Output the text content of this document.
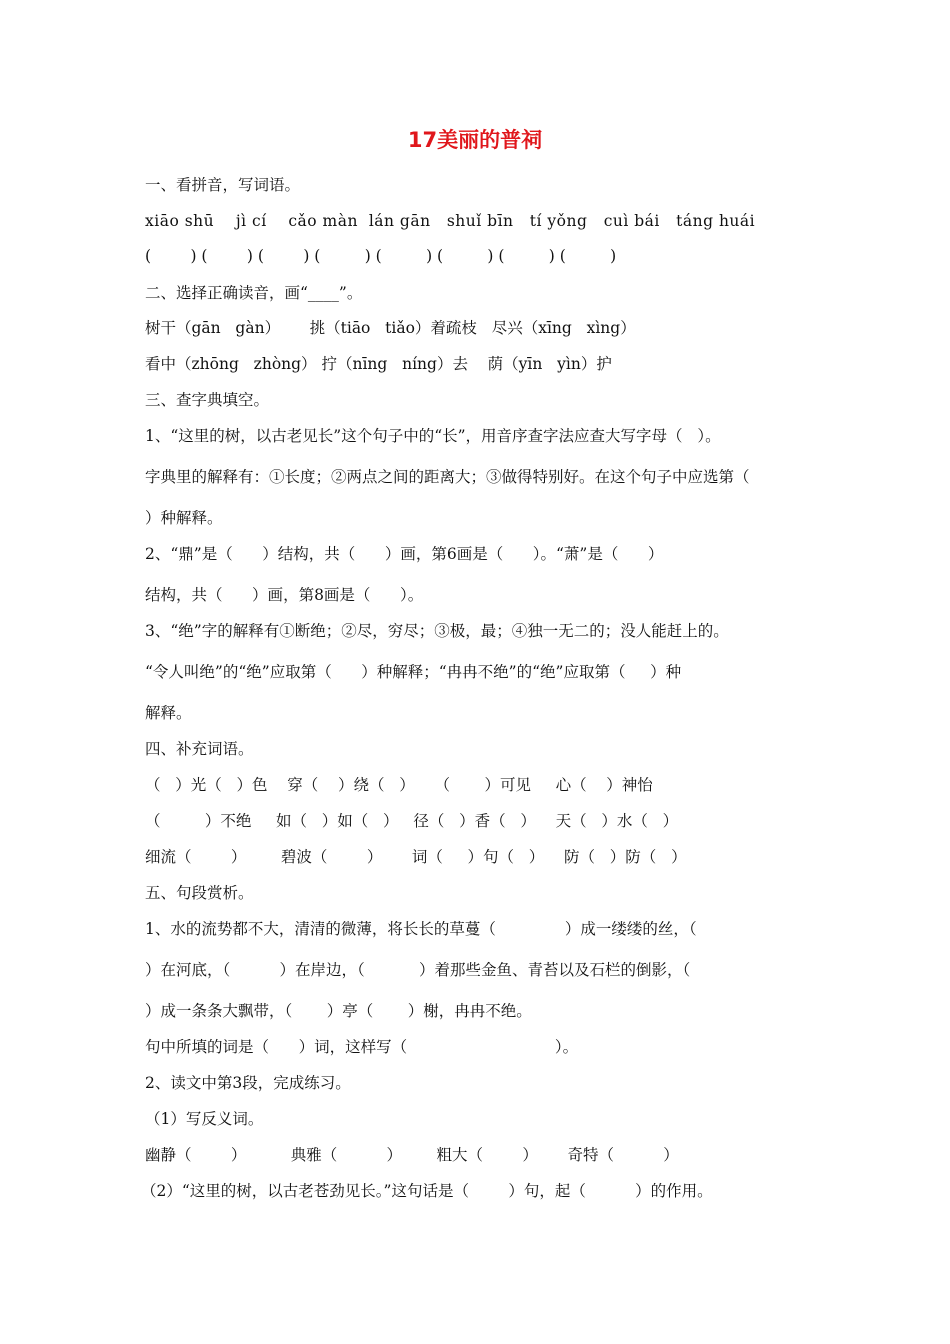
17美丽的普祠
一、看拼音，写词语。
xiāo shū    jì cí    cǎo màn  lán gān   shuǐ bīn   tí yǒng   cuì bái   táng huái
(        ) (        ) (        ) (         ) (         ) (         ) (         ) (         )
二、选择正确读音，画“____”。
树干（gān   gàn）      挑（tiāo   tiǎo）着疏枝   尽兴（xīng   xìng）
看中（zhōng   zhòng） 拧（nīng   níng）去    荫（yīn   yìn）护
三、查字典填空。
1、“这里的树，以古老见长”这个句子中的“长”，用音序查字法应查大写字母（   ）。
字典里的解释有：①长度；②两点之间的距离大；③做得特别好。在这个句子中应选第（
）种解释。
2、“鼎”是（      ）结构，共（      ）画，第6画是（      ）。“萧”是（      ）
结构，共（      ）画，第8画是（      ）。
3、“绝”字的解释有①断绝；②尽，穷尽；③极，最；④独一无二的；没人能赶上的。
“令人叫绝”的“绝”应取第（      ）种解释；“冉冉不绝”的“绝”应取第（     ）种
解释。
四、补充词语。
（   ）光（   ）色    穿（    ）绕（   ）    （       ）可见     心（    ）神怡
（         ）不绝     如（   ）如（   ）   径（   ）香（   ）    天（   ）水（   ）
细流（        ）       碧波（        ）      词（     ）句（   ）    防（   ）防（   ）
五、句段赏析。
1、水的流势都不大，清清的微薄，将长长的草蔓（              ）成一缕缕的丝，（
）在河底，（          ）在岸边，（           ）着那些金鱼、青苔以及石栏的倒影，（
）成一条条大飘带，（       ）亭（       ）榭，冉冉不绝。
句中所填的词是（      ）词，这样写（                              ）。
2、读文中第3段，完成练习。
（1）写反义词。
幽静（        ）         典雅（          ）       粗大（        ）      奇特（          ）
（2）“这里的树，以古老苍劲见长。”这句话是（        ）句，起（          ）的作用。
